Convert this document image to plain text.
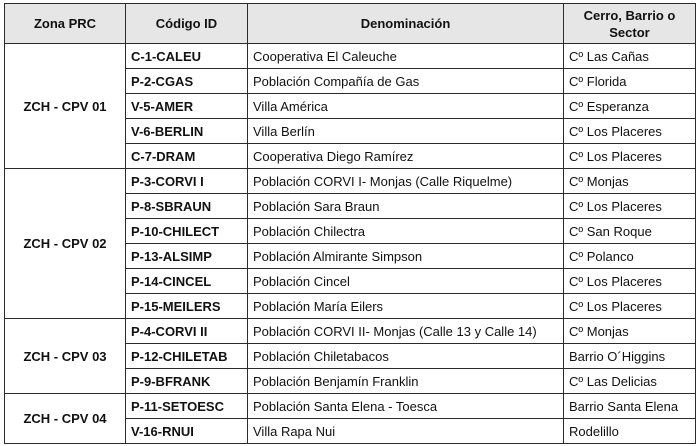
Zona PRC	Código ID	Denominación	Cerro, Barrio o Sector
ZCH - CPV 01	C-1-CALEU	Cooperativa El Caleuche	Cº Las Cañas
	P-2-CGAS	Población Compañía de Gas	Cº Florida
	V-5-AMER	Villa América	Cº Esperanza
	V-6-BERLIN	Villa Berlín	Cº Los Placeres
	C-7-DRAM	Cooperativa Diego Ramírez	Cº Los Placeres
ZCH - CPV 02	P-3-CORVI I	Población CORVI I- Monjas (Calle Riquelme)	Cº Monjas
	P-8-SBRAUN	Población Sara Braun	Cº Los Placeres
	P-10-CHILECT	Población Chilectra	Cº San Roque
	P-13-ALSIMP	Población Almirante Simpson	Cº Polanco
	P-14-CINCEL	Población Cincel	Cº Los Placeres
	P-15-MEILERS	Población María Eilers	Cº Los Placeres
ZCH - CPV 03	P-4-CORVI II	Población CORVI II- Monjas (Calle 13 y Calle 14)	Cº Monjas
	P-12-CHILETAB	Población Chiletabacos	Barrio O´Higgins
	P-9-BFRANK	Población Benjamín Franklin	Cº Las Delicias
ZCH - CPV 04	P-11-SETOESC	Población Santa Elena - Toesca	Barrio Santa Elena
	V-16-RNUI	Villa Rapa Nui	Rodelillo
